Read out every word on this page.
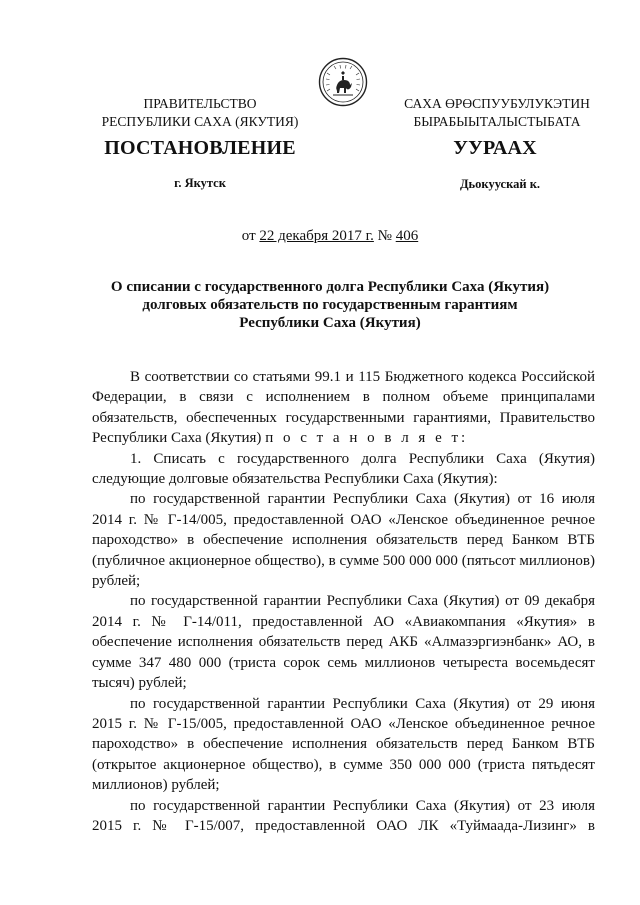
ПРАВИТЕЛЬСТВО
РЕСПУБЛИКИ САХА (ЯКУТИЯ)
САХА ӨРӨСПУУБУЛУКЭТИН
БЫРАБЫЫТАЛЫСТЫБАТА
ПОСТАНОВЛЕНИЕ	УУРААХ
г. Якутск	Дьокуускай к.
от 22 декабря 2017 г. № 406
О списании с государственного долга Республики Саха (Якутия)
долговых обязательств по государственным гарантиям
Республики Саха (Якутия)

В соответствии со статьями 99.1 и 115 Бюджетного кодекса Российской Федерации, в связи с исполнением в полном объеме принципалами обязательств, обеспеченных государственными гарантиями, Правительство Республики Саха (Якутия) п о с т а н о в л я е т:

1. Списать с государственного долга Республики Саха (Якутия) следующие долговые обязательства Республики Саха (Якутия):

по государственной гарантии Республики Саха (Якутия) от 16 июля 2014 г. № Г-14/005, предоставленной ОАО «Ленское объединенное речное пароходство» в обеспечение исполнения обязательств перед Банком ВТБ (публичное акционерное общество), в сумме 500 000 000 (пятьсот миллионов) рублей;

по государственной гарантии Республики Саха (Якутия) от 09 декабря 2014 г. № Г-14/011, предоставленной АО «Авиакомпания «Якутия» в обеспечение исполнения обязательств перед АКБ «Алмазэргиэнбанк» АО, в сумме 347 480 000 (триста сорок семь миллионов четыреста восемьдесят тысяч) рублей;

по государственной гарантии Республики Саха (Якутия) от 29 июня 2015 г. № Г-15/005, предоставленной ОАО «Ленское объединенное речное пароходство» в обеспечение исполнения обязательств перед Банком ВТБ (открытое акционерное общество), в сумме 350 000 000 (триста пятьдесят миллионов) рублей;

по государственной гарантии Республики Саха (Якутия) от 23 июля 2015 г. № Г-15/007, предоставленной ОАО ЛК «Туймаада-Лизинг» в
